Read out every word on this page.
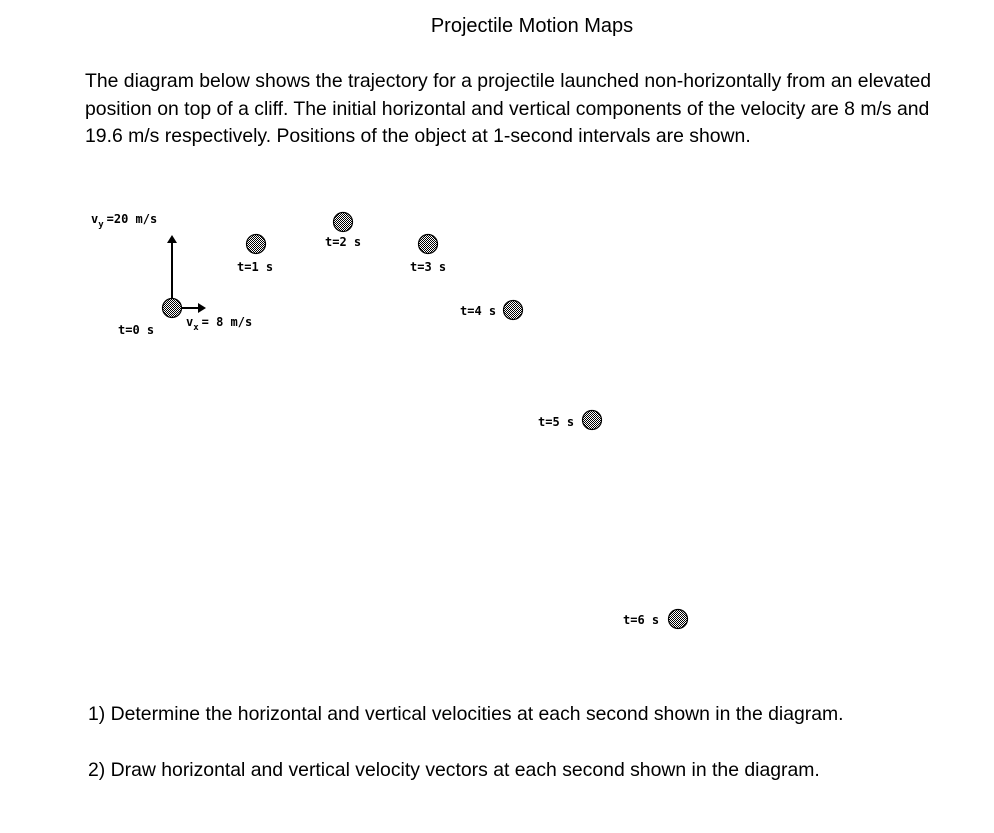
Projectile Motion Maps

The diagram below shows the trajectory for a projectile launched non-horizontally from an elevated position on top of a cliff. The initial horizontal and vertical components of the velocity are 8 m/s and 19.6 m/s respectively. Positions of the object at 1-second intervals are shown.

$v_y =20$ m/s
$v_x = 8$ m/s
t=0 s
t=1 s
t=2 s
t=3 s
t=4 s
t=5 s
t=6 s

1) Determine the horizontal and vertical velocities at each second shown in the diagram.

2) Draw horizontal and vertical velocity vectors at each second shown in the diagram.
